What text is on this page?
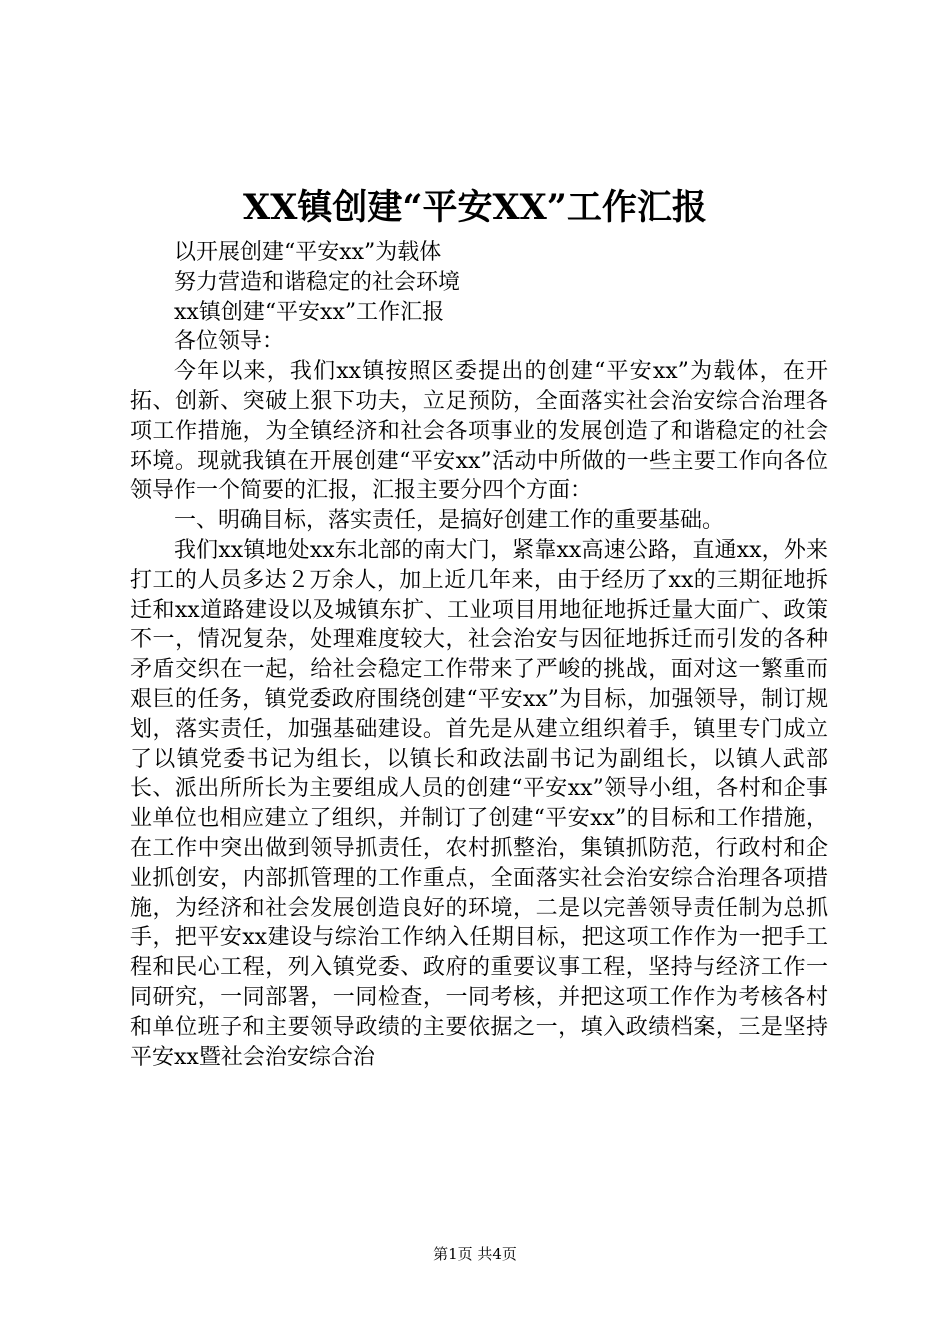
XX镇创建“平安XX”工作汇报

以开展创建“平安xx”为载体

努力营造和谐稳定的社会环境

xx镇创建“平安xx”工作汇报

各位领导：

今年以来，我们xx镇按照区委提出的创建“平安xx”为载体，在开拓、创新、突破上狠下功夫，立足预防，全面落实社会治安综合治理各项工作措施，为全镇经济和社会各项事业的发展创造了和谐稳定的社会环境。现就我镇在开展创建“平安xx”活动中所做的一些主要工作向各位领导作一个简要的汇报，汇报主要分四个方面：

一、明确目标，落实责任，是搞好创建工作的重要基础。

我们xx镇地处xx东北部的南大门，紧靠xx高速公路，直通xx，外来打工的人员多达２万余人，加上近几年来，由于经历了xx的三期征地拆迁和xx道路建设以及城镇东扩、工业项目用地征地拆迁量大面广、政策不一，情况复杂，处理难度较大，社会治安与因征地拆迁而引发的各种矛盾交织在一起，给社会稳定工作带来了严峻的挑战，面对这一繁重而艰巨的任务，镇党委政府围绕创建“平安xx”为目标，加强领导，制订规划，落实责任，加强基础建设。首先是从建立组织着手，镇里专门成立了以镇党委书记为组长，以镇长和政法副书记为副组长，以镇人武部长、派出所所长为主要组成人员的创建“平安xx”领导小组，各村和企事业单位也相应建立了组织，并制订了创建“平安xx”的目标和工作措施，在工作中突出做到领导抓责任，农村抓整治，集镇抓防范，行政村和企业抓创安，内部抓管理的工作重点，全面落实社会治安综合治理各项措施，为经济和社会发展创造良好的环境，二是以完善领导责任制为总抓手，把平安xx建设与综治工作纳入任期目标，把这项工作作为一把手工程和民心工程，列入镇党委、政府的重要议事工程，坚持与经济工作一同研究，一同部署，一同检查，一同考核，并把这项工作作为考核各村和单位班子和主要领导政绩的主要依据之一，填入政绩档案，三是坚持平安xx暨社会治安综合治

第1页 共4页
